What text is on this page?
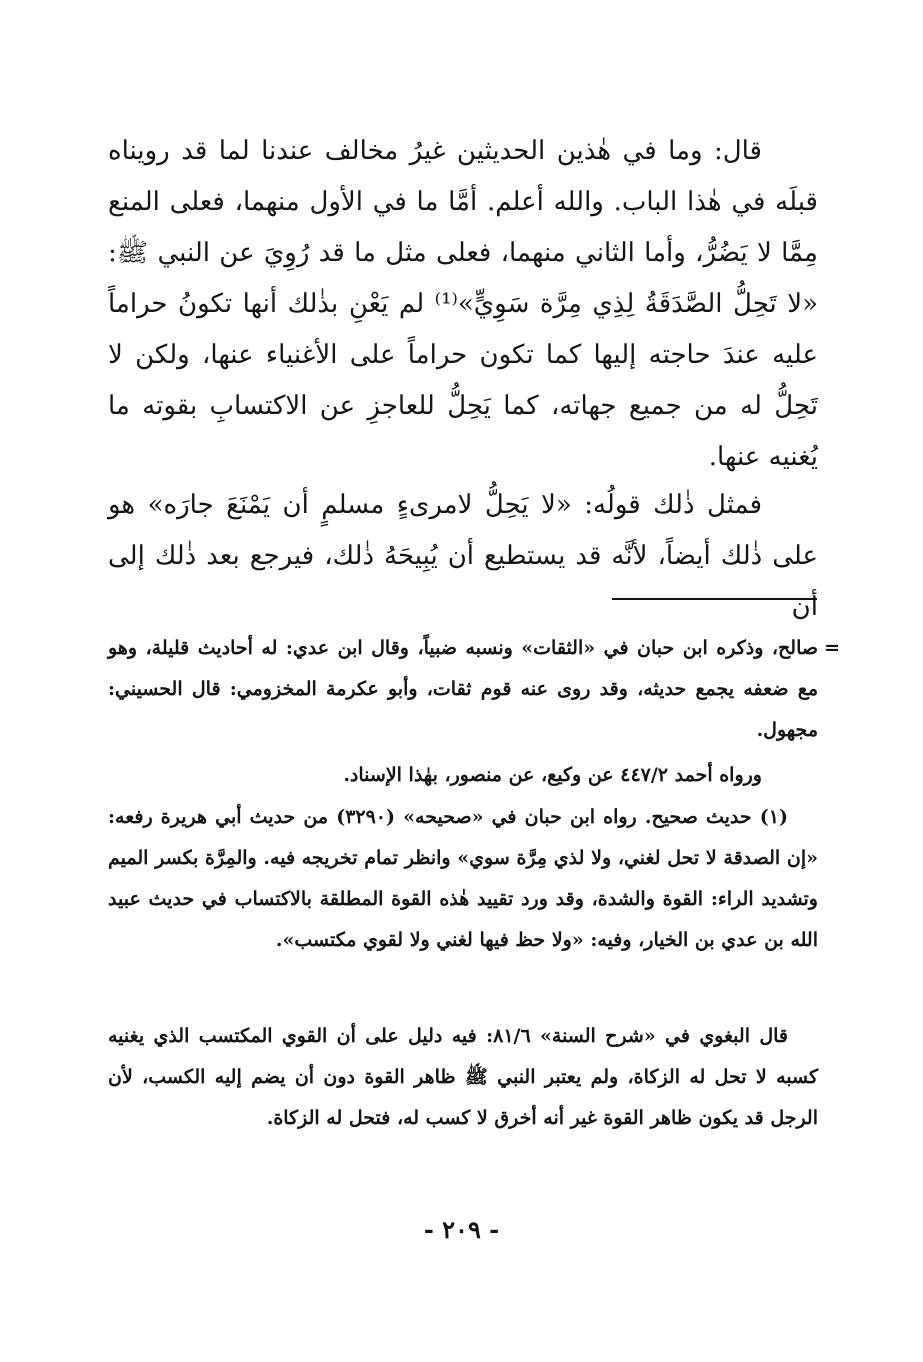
قال: وما في هٰذين الحديثين غيرُ مخالف عندنا لما قد رويناه قبلَه في هٰذا الباب. والله أعلم. أمَّا ما في الأول منهما، فعلى المنع مِمَّا لا يَضُرُّ، وأما الثاني منهما، فعلى مثل ما قد رُوِيَ عن النبي ﷺ: «لا تَحِلُّ الصَّدَقَةُ لِذِي مِرَّة سَوِيٍّ»⁽¹⁾ لم يَعْنِ بذٰلك أنها تكونُ حراماً عليه عندَ حاجته إليها كما تكون حراماً على الأغنياء عنها، ولكن لا تَحِلُّ له من جميع جهاته، كما يَحِلُّ للعاجزِ عن الاكتسابِ بقوته ما يُغنيه عنها.

فمثل ذٰلك قولُه: «لا يَحِلُّ لامرىءٍ مسلمٍ أن يَمْنَعَ جارَه» هو على ذٰلك أيضاً، لأنَّه قد يستطيع أن يُبِيحَهُ ذٰلك، فيرجع بعد ذٰلك إلى أن

=
صالح، وذكره ابن حبان في «الثقات» ونسبه ضبياً، وقال ابن عدي: له أحاديث قليلة، وهو مع ضعفه يجمع حديثه، وقد روى عنه قوم ثقات، وأبو عكرمة المخزومي: قال الحسيني: مجهول.

ورواه أحمد ٤٤٧/٢ عن وكيع، عن منصور، بهٰذا الإسناد.

(١) حديث صحيح. رواه ابن حبان في «صحيحه» (٣٢٩٠) من حديث أبي هريرة رفعه: «إن الصدقة لا تحل لغني، ولا لذي مِرَّة سوي» وانظر تمام تخريجه فيه. والمِرَّة بكسر الميم وتشديد الراء: القوة والشدة، وقد ورد تقييد هٰذه القوة المطلقة بالاكتساب في حديث عبيد الله بن عدي بن الخيار، وفيه: «ولا حظ فيها لغني ولا لقوي مكتسب».

قال البغوي في «شرح السنة» ٨١/٦: فيه دليل على أن القوي المكتسب الذي يغنيه كسبه لا تحل له الزكاة، ولم يعتبر النبي ﷺ ظاهر القوة دون أن يضم إليه الكسب، لأن الرجل قد يكون ظاهر القوة غير أنه أخرق لا كسب له، فتحل له الزكاة.

- ٢٠٩ -
